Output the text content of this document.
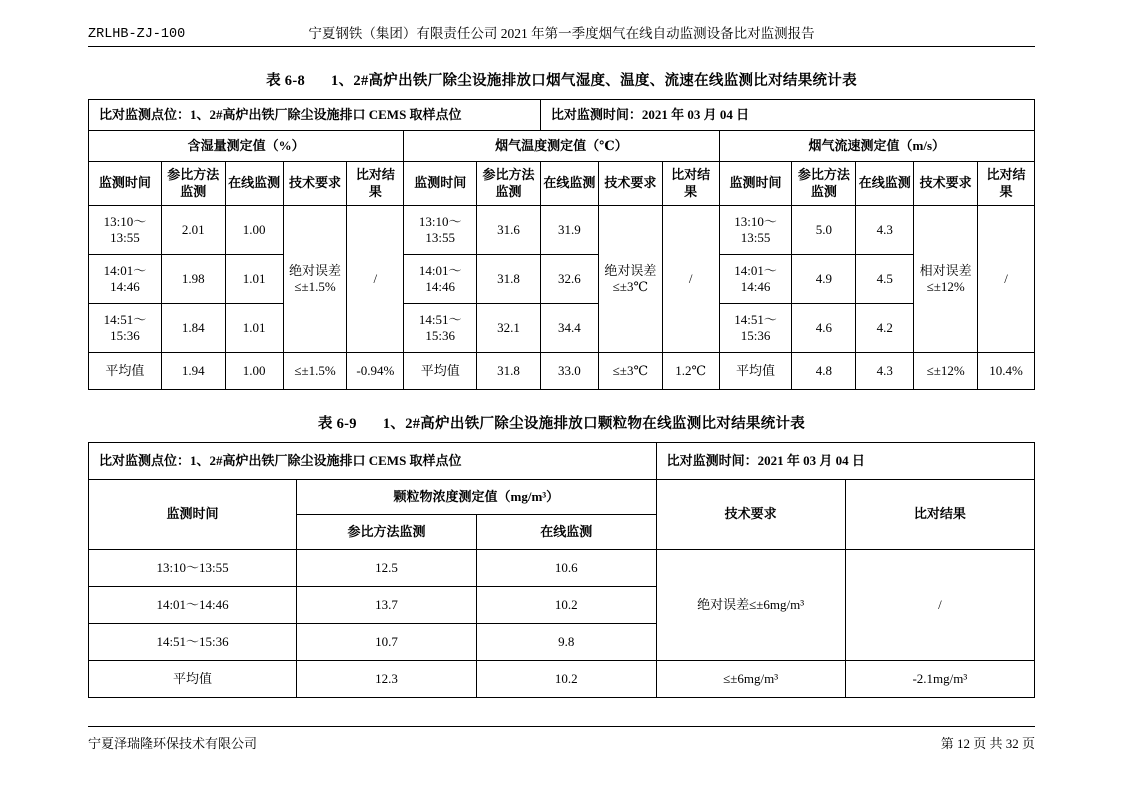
ZRLHB-ZJ-100	宁夏钢铁（集团）有限责任公司 2021 年第一季度烟气在线自动监测设备比对监测报告
表 6-8 1、2#高炉出铁厂除尘设施排放口烟气湿度、温度、流速在线监测比对结果统计表
比对监测点位：1、2#高炉出铁厂除尘设施排口 CEMS 取样点位							比对监测时间：2021 年 03 月 04 日							
含湿量测定值（%）					烟气温度测定值（℃）					烟气流速测定值（m/s）				
监测时间	参比方法监测	在线监测	技术要求	比对结果	监测时间	参比方法监测	在线监测	技术要求	比对结果	监测时间	参比方法监测	在线监测	技术要求	比对结果
13:10～13:55	2.01	1.00	绝对误差≤±1.5%	/	13:10～13:55	31.6	31.9	绝对误差≤±3℃	/	13:10～13:55	5.0	4.3	相对误差≤±12%	/
14:01～14:46	1.98	1.01			14:01～14:46	31.8	32.6			14:01～14:46	4.9	4.5		
14:51～15:36	1.84	1.01			14:51～15:36	32.1	34.4			14:51～15:36	4.6	4.2		
平均值	1.94	1.00	≤±1.5%	-0.94%	平均值	31.8	33.0	≤±3℃	1.2℃	平均值	4.8	4.3	≤±12%	10.4%
表 6-9 1、2#高炉出铁厂除尘设施排放口颗粒物在线监测比对结果统计表
比对监测点位：1、2#高炉出铁厂除尘设施排口 CEMS 取样点位			比对监测时间：2021 年 03 月 04 日	
监测时间	颗粒物浓度测定值（mg/m³）		技术要求	比对结果
	参比方法监测	在线监测		
13:10～13:55	12.5	10.6	绝对误差≤±6mg/m³	/
14:01～14:46	13.7	10.2		
14:51～15:36	10.7	9.8		
平均值	12.3	10.2	≤±6mg/m³	-2.1mg/m³
宁夏泽瑞隆环保技术有限公司	第 12 页 共 32 页
